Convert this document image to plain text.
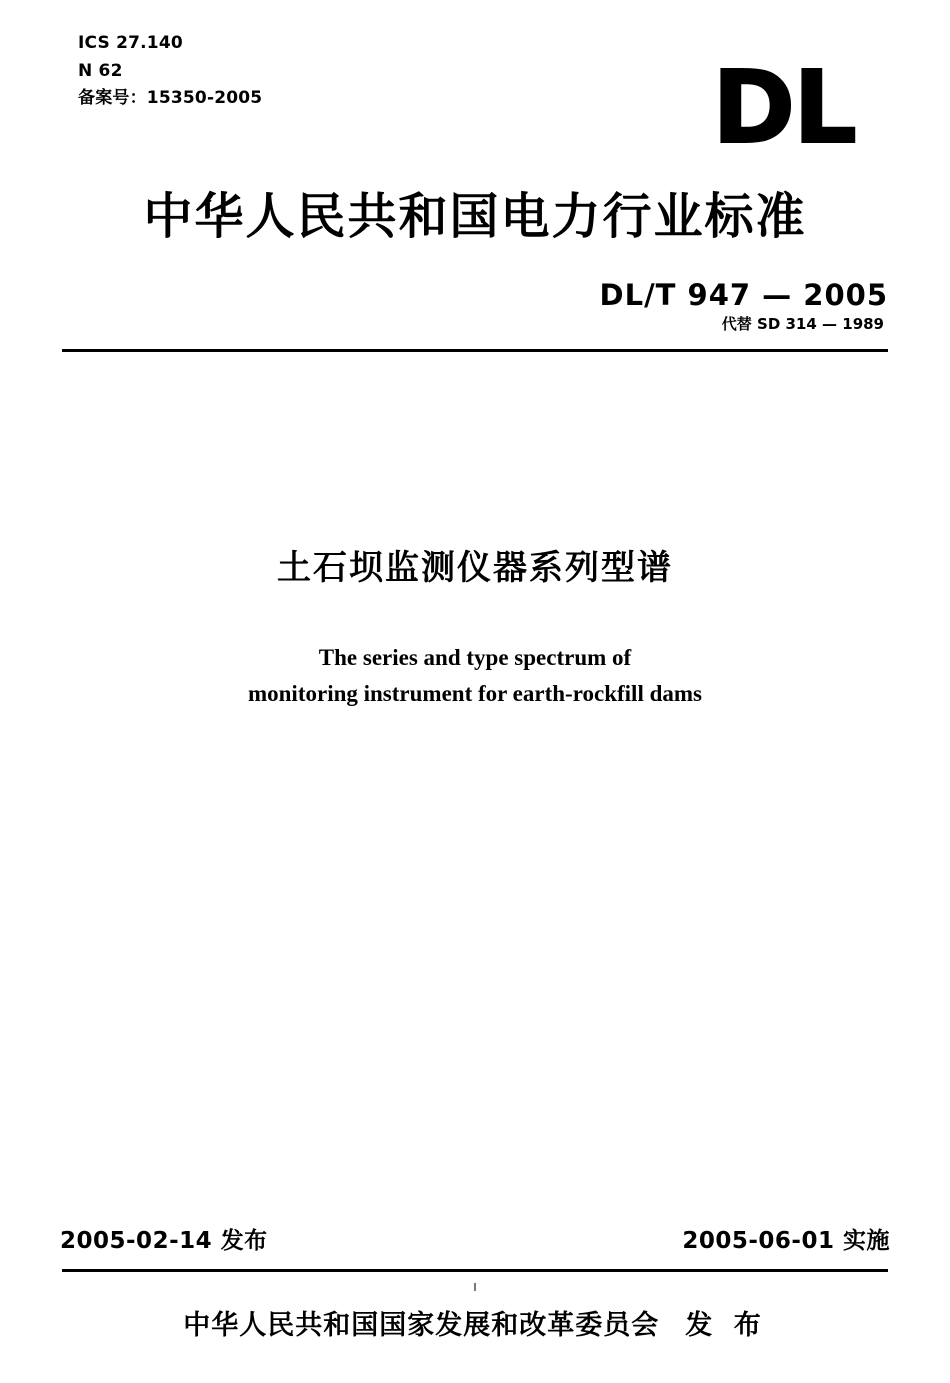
ICS 27.140
N 62
备案号：15350-2005	DL
中华人民共和国电力行业标准
DL/T 947 — 2005
代替 SD 314 — 1989
土石坝监测仪器系列型谱
The series and type spectrum of
monitoring instrument for earth-rockfill dams
2005-02-14 发布	2005-06-01 实施
中华人民共和国国家发展和改革委员会 发 布
